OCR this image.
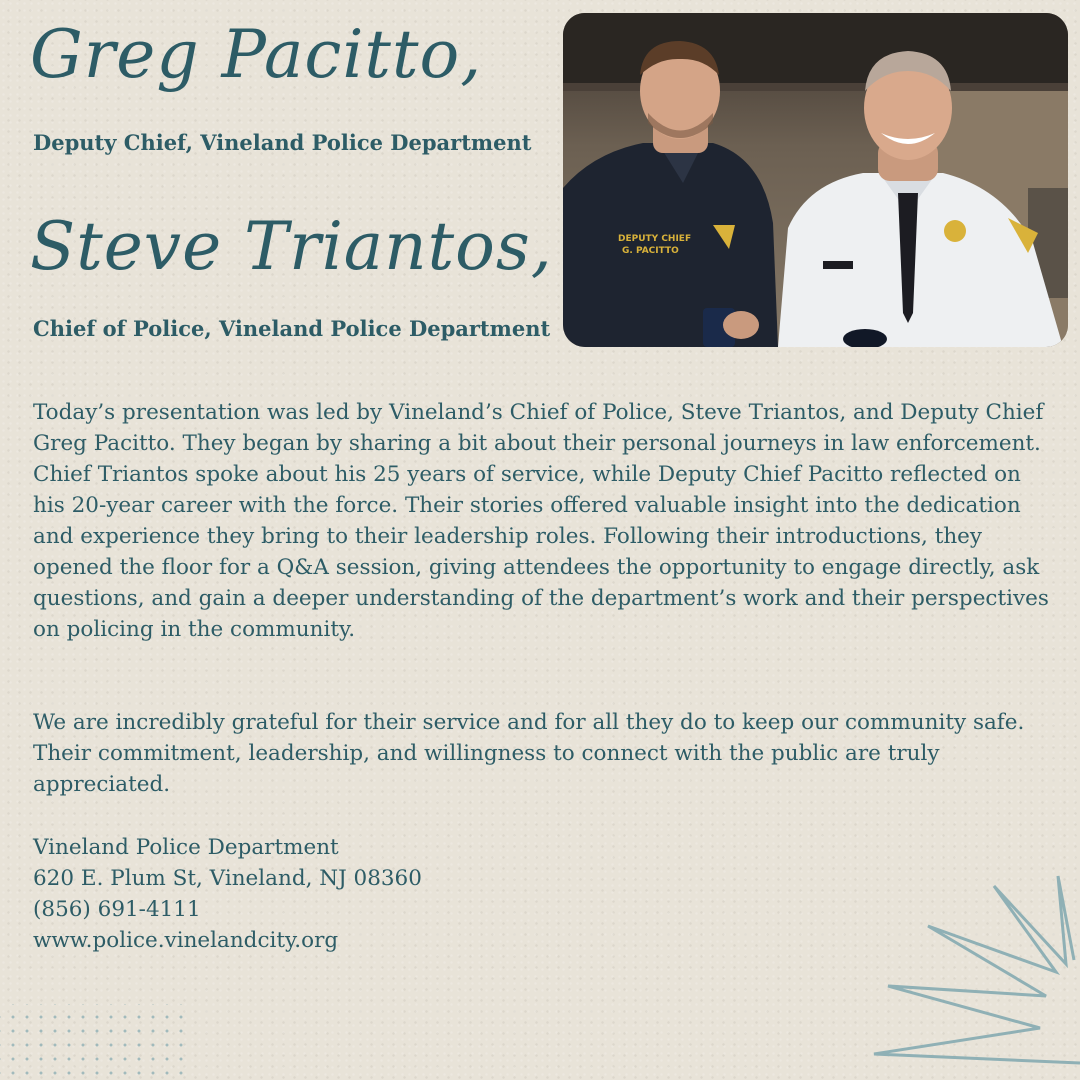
Greg Pacitto,
Deputy Chief, Vineland Police Department
Steve Triantos,
Chief of Police, Vineland Police Department
DEPUTY CHIEF
G. PACITTO

Today’s presentation was led by Vineland’s Chief of Police, Steve Triantos, and Deputy Chief Greg Pacitto. They began by sharing a bit about their personal journeys in law enforcement. Chief Triantos spoke about his 25 years of service, while Deputy Chief Pacitto reflected on his 20-year career with the force. Their stories offered valuable insight into the dedication and experience they bring to their leadership roles. Following their introductions, they opened the floor for a Q&A session, giving attendees the opportunity to engage directly, ask questions, and gain a deeper understanding of the department’s work and their perspectives on policing in the community.

We are incredibly grateful for their service and for all they do to keep our community safe. Their commitment, leadership, and willingness to connect with the public are truly appreciated.

Vineland Police Department
620 E. Plum St, Vineland, NJ 08360
(856) 691-4111
www.police.vinelandcity.org
